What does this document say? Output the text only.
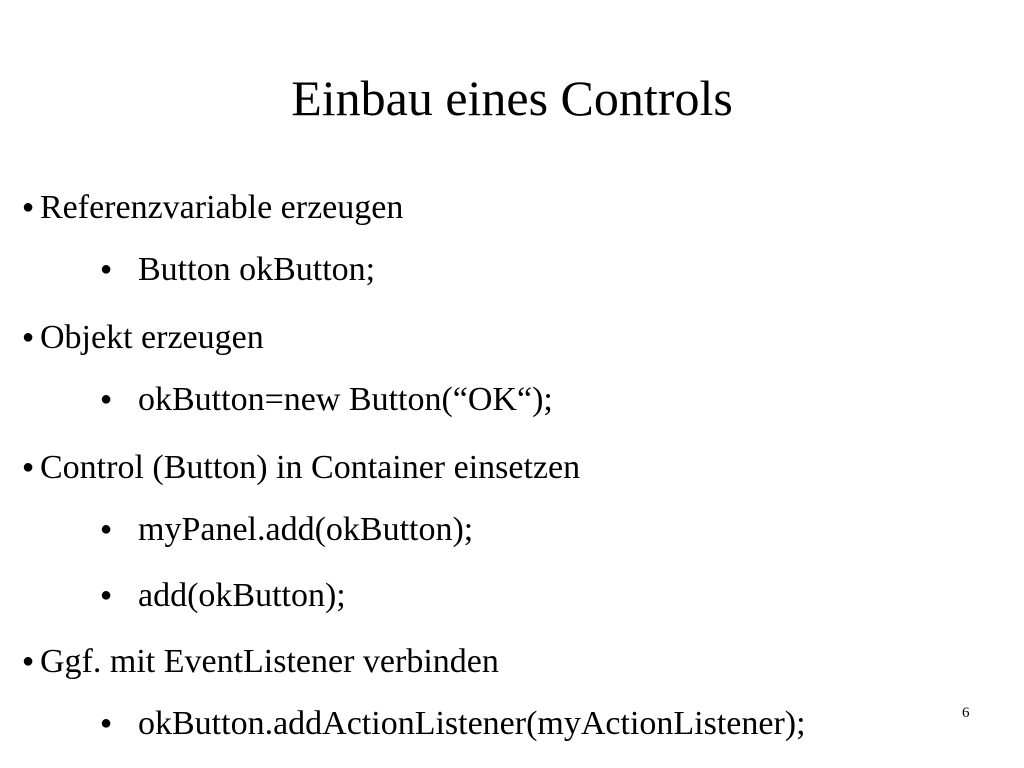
Einbau eines Controls
● Referenzvariable erzeugen
● Button okButton;
● Objekt erzeugen
● okButton=new Button(“OK“);
● Control (Button) in Container einsetzen
● myPanel.add(okButton);
● add(okButton);
● Ggf. mit EventListener verbinden
● okButton.addActionListener(myActionListener);	6
